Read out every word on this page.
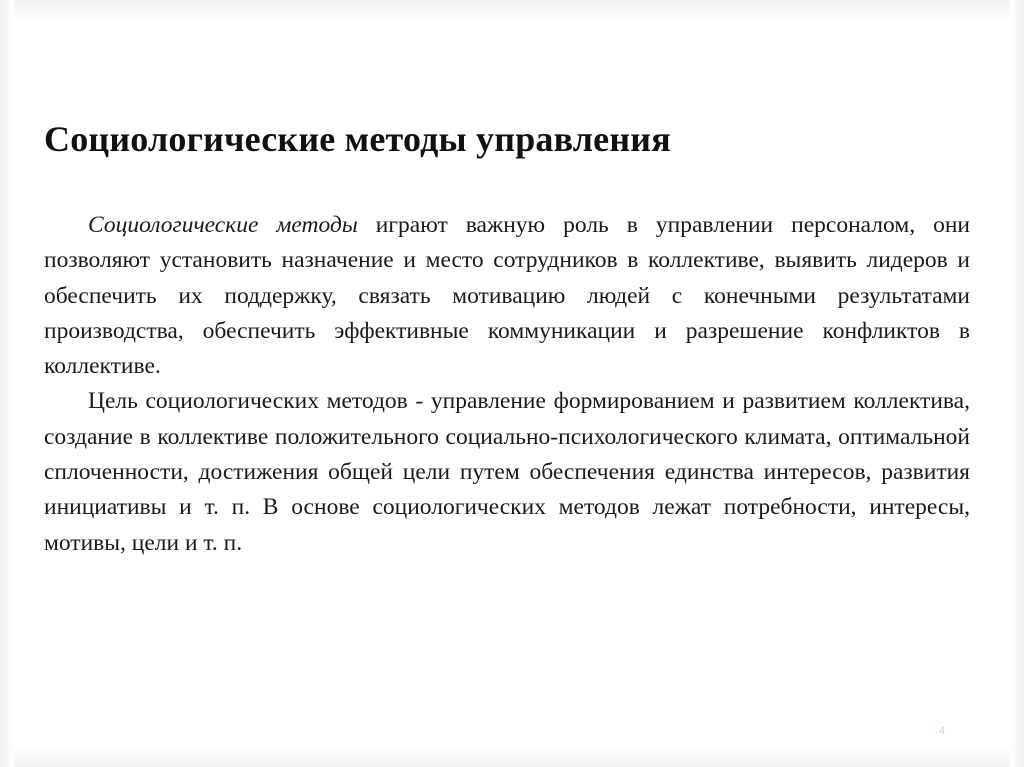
Социологические методы управления

Социологические методы играют важную роль в управлении персоналом, они позволяют установить назначение и место сотрудников в коллективе, выявить лидеров и обеспечить их поддержку, связать мотивацию людей с конечными результатами производства, обеспечить эффективные коммуникации и разрешение конфликтов в коллективе.

Цель социологических методов - управление формированием и развитием коллектива, создание в коллективе положительного социально-психологического климата, оптимальной сплоченности, достижения общей цели путем обеспечения единства интересов, развития инициативы и т. п. В основе социологических методов лежат потребности, интересы, мотивы, цели и т. п.

4
